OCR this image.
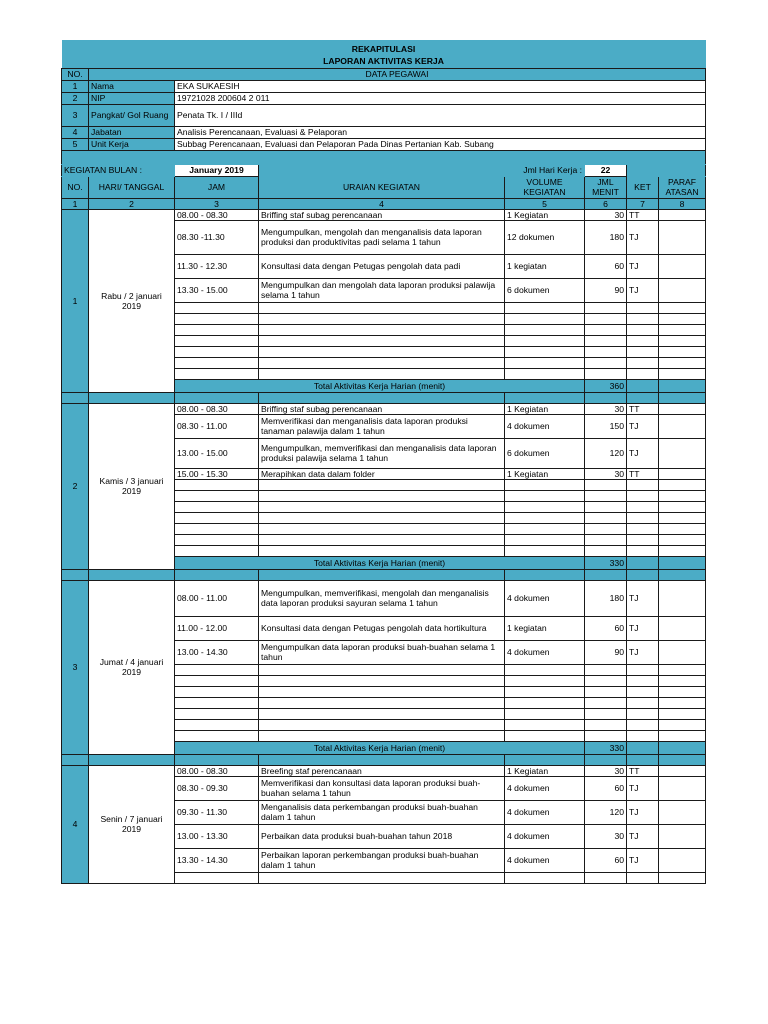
REKAPITULASI							
LAPORAN AKTIVITAS KERJA							
NO.	DATA PEGAWAI						
1	Nama	EKA SUKAESIH					
2	NIP	19721028 200604 2 011					
3	Pangkat/ Gol Ruang	Penata Tk. I / IIId					
4	Jabatan	Analisis Perencanaan, Evaluasi & Pelaporan					
5	Unit Kerja	Subbag Perencanaan, Evaluasi dan Pelaporan Pada Dinas Pertanian Kab. Subang					

KEGIATAN BULAN :		January 2019	Jml Hari Kerja :		22		
NO.	HARI/ TANGGAL	JAM	URAIAN KEGIATAN	VOLUME KEGIATAN	JML MENIT	KET	PARAF ATASAN
1	2	3	4	5	6	7	8
1	Rabu / 2 januari 2019	08.00 - 08.30	Briffing staf subag perencanaan	1 Kegiatan	30	TT	
		08.30 -11.30	Mengumpulkan, mengolah dan menganalisis data laporan produksi dan produktivitas padi selama 1 tahun	12 dokumen	180	TJ	
		11.30 - 12.30	Konsultasi data dengan Petugas pengolah data padi	1 kegiatan	60	TJ	
		13.30 - 15.00	Mengumpulkan dan mengolah data laporan produksi palawija selama 1 tahun	6 dokumen	90	TJ	

		Total Aktivitas Kerja Harian (menit)			360		

2	Kamis / 3 januari 2019	08.00 - 08.30	Briffing staf subag perencanaan	1 Kegiatan	30	TT	
		08.30 - 11.00	Memverifikasi dan menganalisis data laporan produksi tanaman palawija dalam 1 tahun	4 dokumen	150	TJ	
		13.00 - 15.00	Mengumpulkan, memverifikasi dan menganalisis data laporan produksi palawija selama 1 tahun	6 dokumen	120	TJ	
		15.00 - 15.30	Merapihkan data dalam folder	1 Kegiatan	30	TT	

		Total Aktivitas Kerja Harian (menit)			330		

3	Jumat / 4 januari 2019	08.00 - 11.00	Mengumpulkan, memverifikasi, mengolah dan menganalisis data laporan produksi sayuran selama 1 tahun	4 dokumen	180	TJ	
		11.00 - 12.00	Konsultasi data dengan Petugas pengolah data hortikultura	1 kegiatan	60	TJ	
		13.00 - 14.30	Mengumpulkan data laporan produksi buah-buahan selama 1 tahun	4 dokumen	90	TJ	

		Total Aktivitas Kerja Harian (menit)			330		

4	Senin / 7 januari 2019	08.00 - 08.30	Breefing staf perencanaan	1 Kegiatan	30	TT	
		08.30 - 09.30	Memverifikasi dan konsultasi data laporan produksi buah-buahan selama 1 tahun	4 dokumen	60	TJ	
		09.30 - 11.30	Menganalisis data perkembangan produksi buah-buahan dalam 1 tahun	4 dokumen	120	TJ	
		13.00 - 13.30	Perbaikan data produksi buah-buahan tahun 2018	4 dokumen	30	TJ	
		13.30 - 14.30	Perbaikan laporan perkembangan produksi buah-buahan dalam 1 tahun	4 dokumen	60	TJ	
